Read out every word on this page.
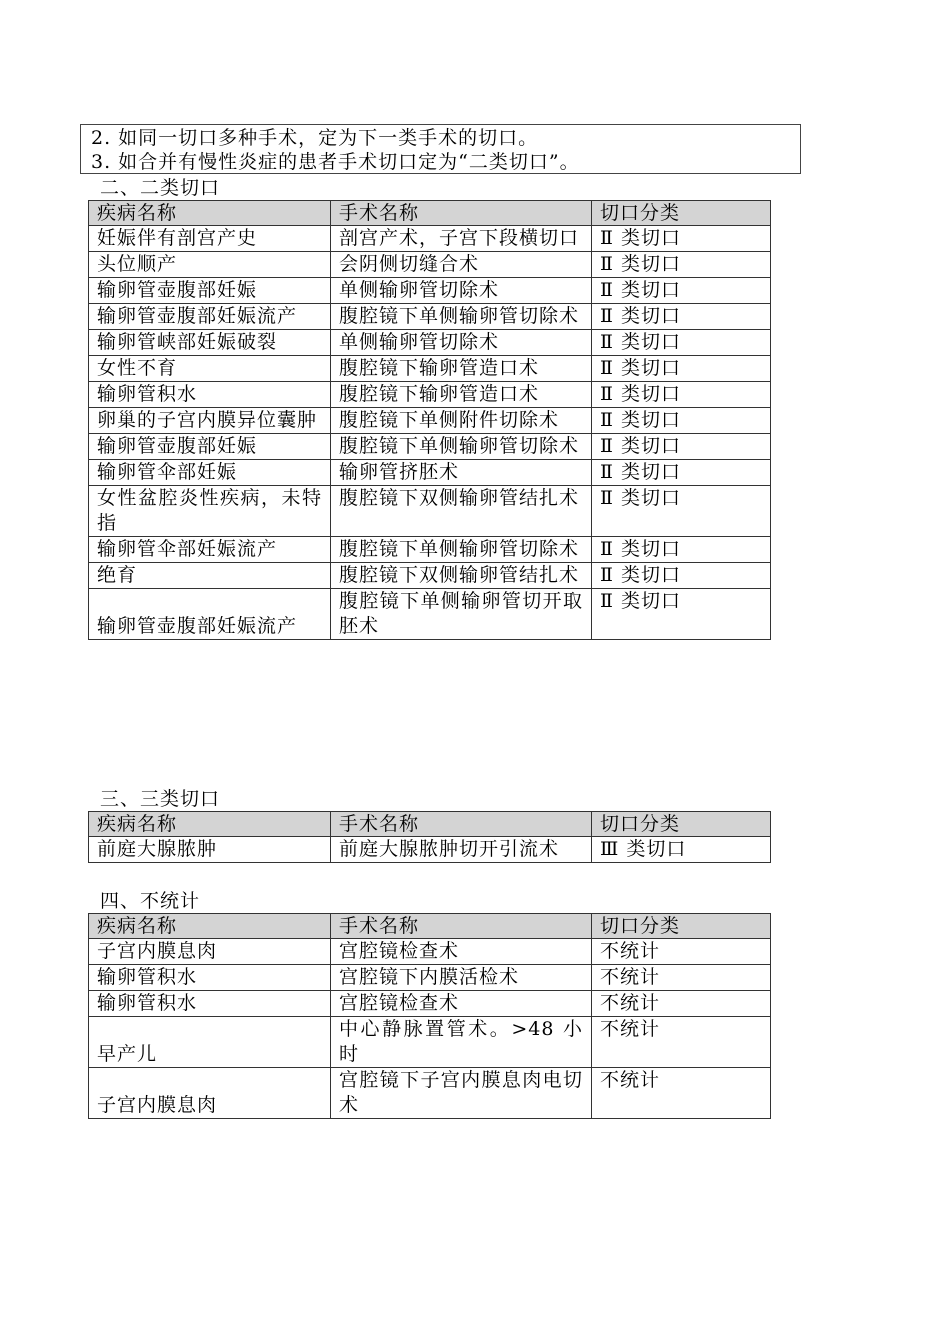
2. 如同一切口多种手术，定为下一类手术的切口。
3. 如合并有慢性炎症的患者手术切口定为“二类切口”。
二、二类切口
疾病名称	手术名称	切口分类
妊娠伴有剖宫产史	剖宫产术，子宫下段横切口	Ⅱ 类切口
头位顺产	会阴侧切缝合术	Ⅱ 类切口
输卵管壶腹部妊娠	单侧输卵管切除术	Ⅱ 类切口
输卵管壶腹部妊娠流产	腹腔镜下单侧输卵管切除术	Ⅱ 类切口
输卵管峡部妊娠破裂	单侧输卵管切除术	Ⅱ 类切口
女性不育	腹腔镜下输卵管造口术	Ⅱ 类切口
输卵管积水	腹腔镜下输卵管造口术	Ⅱ 类切口
卵巢的子宫内膜异位囊肿	腹腔镜下单侧附件切除术	Ⅱ 类切口
输卵管壶腹部妊娠	腹腔镜下单侧输卵管切除术	Ⅱ 类切口
输卵管伞部妊娠	输卵管挤胚术	Ⅱ 类切口
女性盆腔炎性疾病，未特指	腹腔镜下双侧输卵管结扎术	Ⅱ 类切口
输卵管伞部妊娠流产	腹腔镜下单侧输卵管切除术	Ⅱ 类切口
绝育	腹腔镜下双侧输卵管结扎术	Ⅱ 类切口
输卵管壶腹部妊娠流产	腹腔镜下单侧输卵管切开取胚术	Ⅱ 类切口
三、三类切口
疾病名称	手术名称	切口分类
前庭大腺脓肿	前庭大腺脓肿切开引流术	Ⅲ 类切口
四、不统计
疾病名称	手术名称	切口分类
子宫内膜息肉	宫腔镜检查术	不统计
输卵管积水	宫腔镜下内膜活检术	不统计
输卵管积水	宫腔镜检查术	不统计
早产儿	中心静脉置管术。>48 小时	不统计
子宫内膜息肉	宫腔镜下子宫内膜息肉电切术	不统计
